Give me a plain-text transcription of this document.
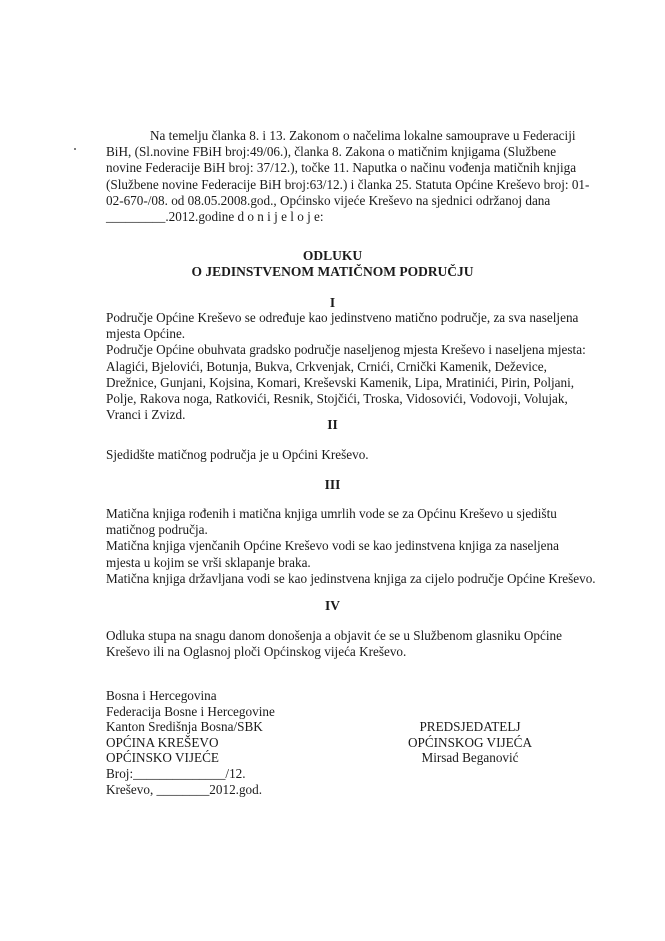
Na temelju članka 8. i 13. Zakonom o načelima lokalne samouprave u Federaciji BiH, (Sl.novine FBiH broj:49/06.), članka 8. Zakona o matičnim knjigama (Službene novine Federacije BiH broj: 37/12.), točke 11. Naputka o načinu vođenja matičnih knjiga (Službene novine Federacije BiH broj:63/12.) i članka 25. Statuta Općine Kreševo broj: 01-02-670-/08. od 08.05.2008.god., Općinsko vijeće Kreševo na sjednici održanoj dana _________.2012.godine d o n i j e l o j e:

ODLUKU
O JEDINSTVENOM MATIČNOM PODRUČJU
I

Područje Općine Kreševo se određuje kao jedinstveno matično područje, za sva naseljena mjesta Općine.

Područje Općine obuhvata gradsko područje naseljenog mjesta Kreševo i naseljena mjesta: Alagići, Bjelovići, Botunja, Bukva, Crkvenjak, Crnići, Crnički Kamenik, Deževice, Drežnice, Gunjani, Kojsina, Komari, Kreševski Kamenik, Lipa, Mratinići, Pirin, Poljani, Polje, Rakova noga, Ratkovići, Resnik, Stojčići, Troska, Vidosovići, Vodovoji, Volujak, Vranci i Zvizd.

II

Sjedidšte matičnog područja je u Općini Kreševo.

III

Matična knjiga rođenih i matična knjiga umrlih vode se za Općinu Kreševo u sjedištu matičnog područja.

Matična knjiga vjenčanih Općine Kreševo vodi se kao jedinstvena knjiga za naseljena mjesta u kojim se vrši sklapanje braka.

Matična knjiga državljana vodi se kao jedinstvena knjiga za cijelo područje Općine Kreševo.

IV

Odluka stupa na snagu danom donošenja a objavit će se u Službenom glasniku Općine Kreševo ili na Oglasnoj ploči Općinskog vijeća Kreševo.

Bosna i Hercegovina
Federacija Bosne i Hercegovine
Kanton Središnja Bosna/SBK
OPĆINA KREŠEVO
OPĆINSKO VIJEĆE
Broj:______________/12.
Kreševo, ________2012.god.
PREDSJEDATELJ
OPĆINSKOG VIJEĆA
Mirsad Beganović
